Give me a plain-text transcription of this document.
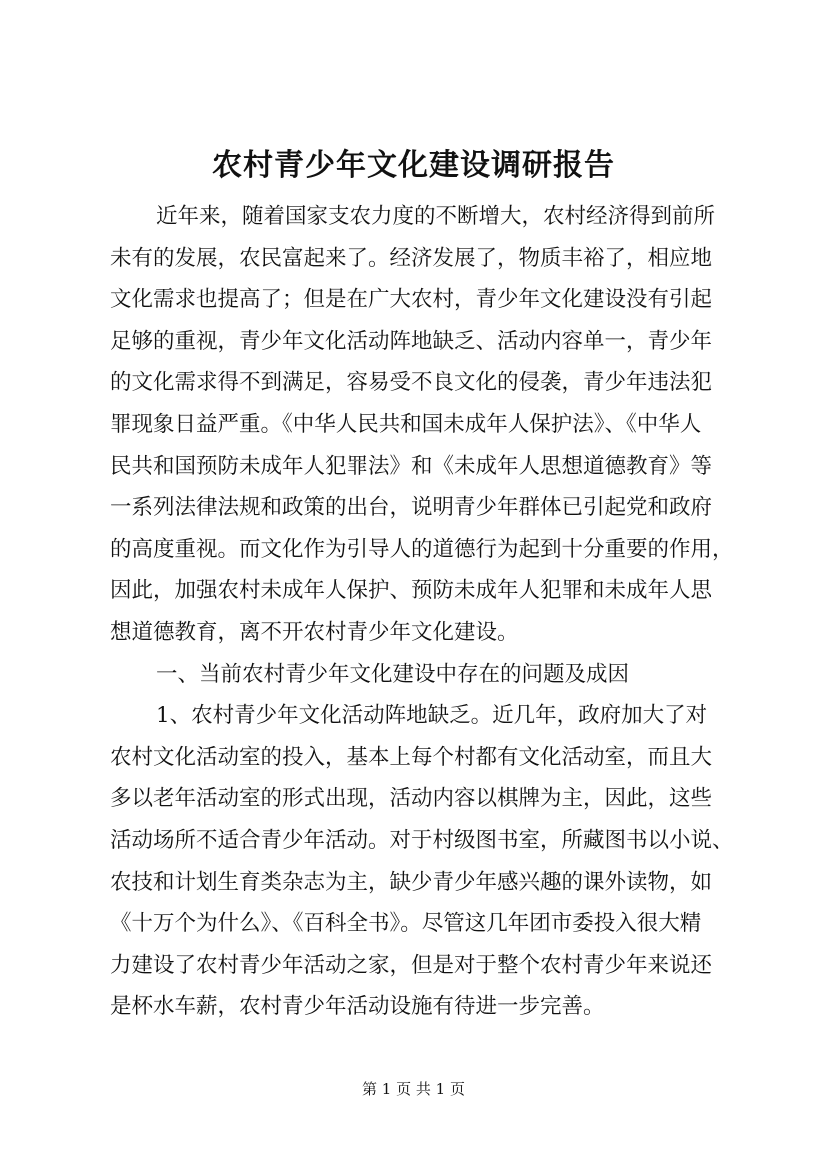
农村青少年文化建设调研报告
近年来，随着国家支农力度的不断增大，农村经济得到前所
未有的发展，农民富起来了。经济发展了，物质丰裕了，相应地
文化需求也提高了；但是在广大农村，青少年文化建设没有引起
足够的重视，青少年文化活动阵地缺乏、活动内容单一，青少年
的文化需求得不到满足，容易受不良文化的侵袭，青少年违法犯
罪现象日益严重。《中华人民共和国未成年人保护法》、《中华人
民共和国预防未成年人犯罪法》和《未成年人思想道德教育》等
一系列法律法规和政策的出台，说明青少年群体已引起党和政府
的高度重视。而文化作为引导人的道德行为起到十分重要的作用，
因此，加强农村未成年人保护、预防未成年人犯罪和未成年人思
想道德教育，离不开农村青少年文化建设。
一、当前农村青少年文化建设中存在的问题及成因
1、农村青少年文化活动阵地缺乏。近几年，政府加大了对
农村文化活动室的投入，基本上每个村都有文化活动室，而且大
多以老年活动室的形式出现，活动内容以棋牌为主，因此，这些
活动场所不适合青少年活动。对于村级图书室，所藏图书以小说、
农技和计划生育类杂志为主，缺少青少年感兴趣的课外读物，如
《十万个为什么》、《百科全书》。尽管这几年团市委投入很大精
力建设了农村青少年活动之家，但是对于整个农村青少年来说还
是杯水车薪，农村青少年活动设施有待进一步完善。
第 1 页 共 1 页
